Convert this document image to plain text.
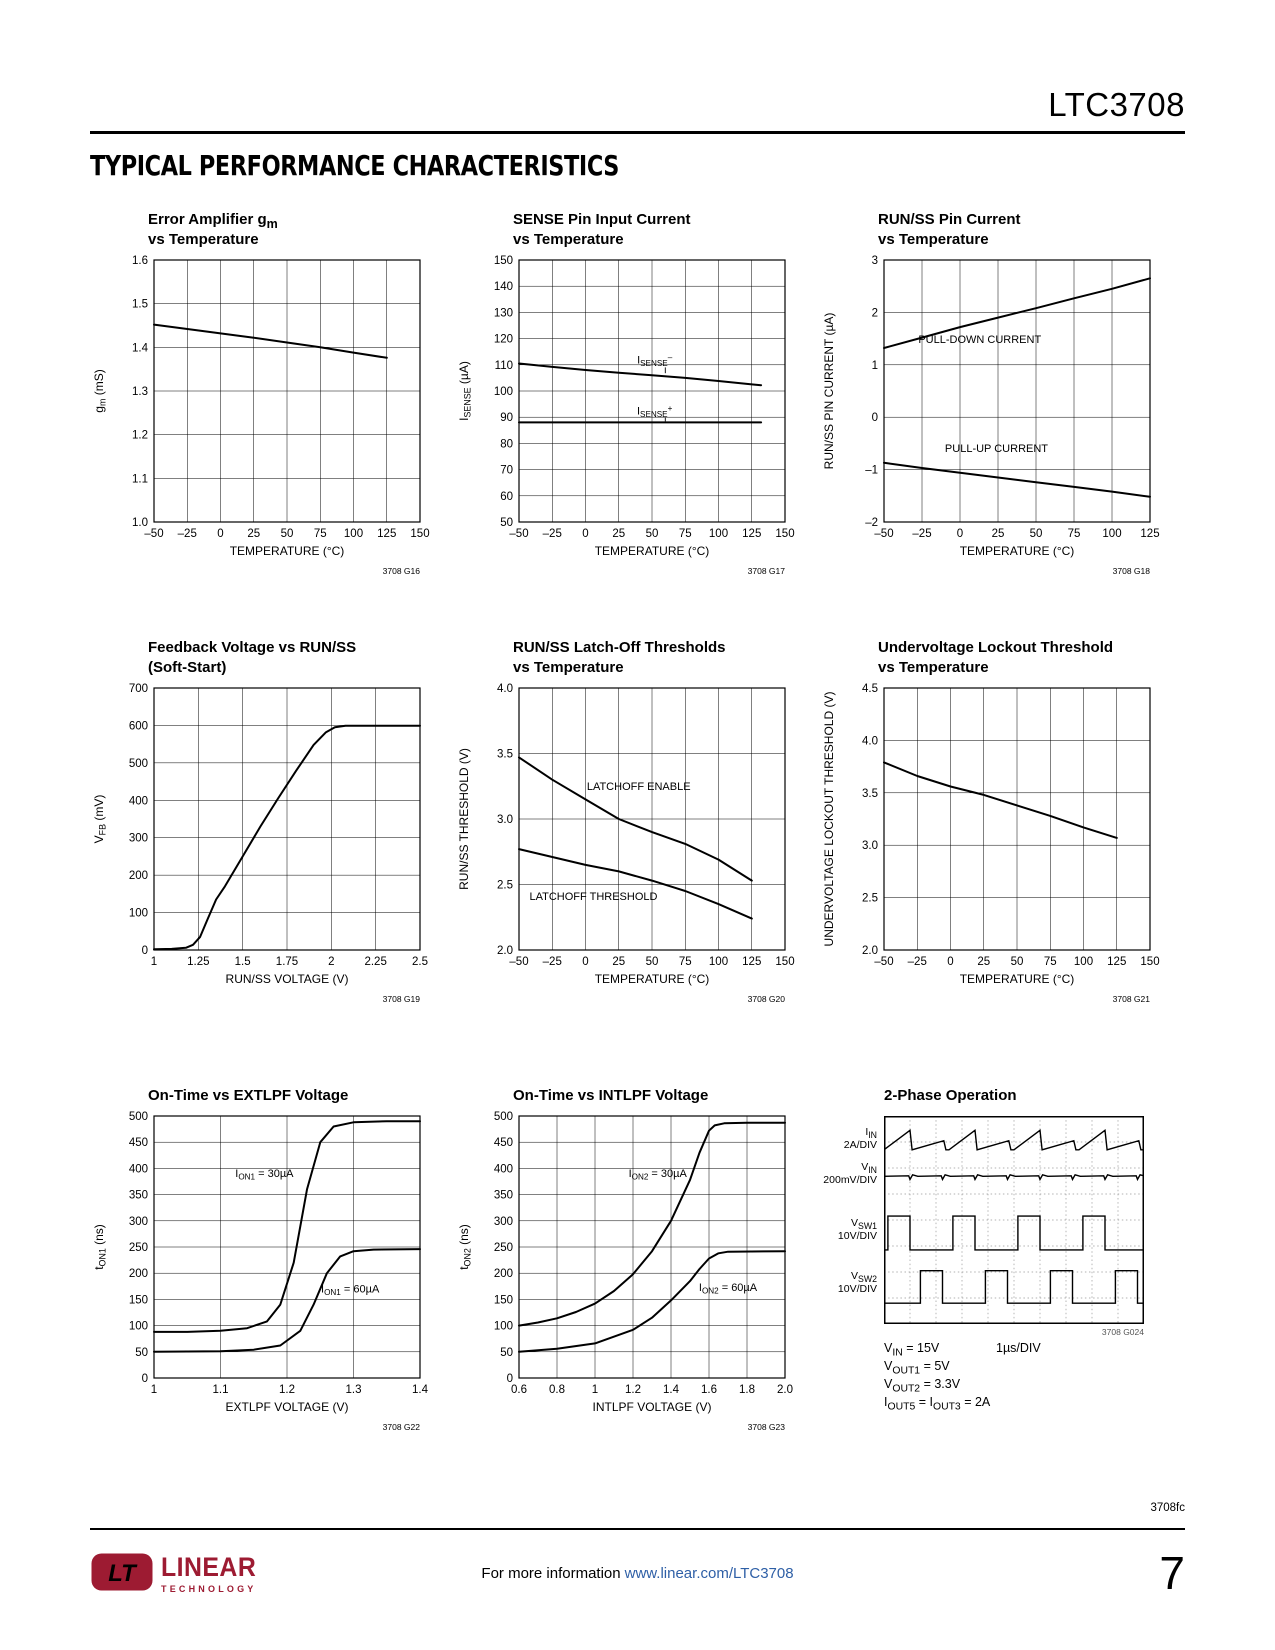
LTC3708
TYPICAL PERFORMANCE CHARACTERISTICS
Error Amplifier $g_m$
vs Temperature
–50 –25 0 25 50 75 100 125 150
1.0
1.1
1.2
1.3
1.4
1.5
1.6
TEMPERATURE (°C)
$g_m$ (mS)
3708 G16
SENSE Pin Input Current
vs Temperature
–50 –25 0 25 50 75 100 125 150
50
60
70
80
90
100
110
120
130
140
150
$I_{SENSE}^-$
$I_{SENSE}^+$
TEMPERATURE (°C)
$I_{SENSE}$ (µA)
3708 G17
RUN/SS Pin Current
vs Temperature
–50 –25 0 25 50 75 100 125
–2
–1
0
1
2
3
PULL-DOWN CURRENT
PULL-UP CURRENT
TEMPERATURE (°C)
RUN/SS PIN CURRENT (µA)
3708 G18
Feedback Voltage vs RUN/SS
(Soft-Start)
1	1.25 1.5 1.75	2	2.25 2.5
0
100
200
300
400
500
600
700
RUN/SS VOLTAGE (V)
$V_{FB}$ (mV)
3708 G19
RUN/SS Latch-Off Thresholds
vs Temperature
–50 –25 0 25 50 75 100 125 150
2.0
2.5
3.0
3.5
4.0
LATCHOFF ENABLE
LATCHOFF THRESHOLD
TEMPERATURE (°C)
RUN/SS THRESHOLD (V)
3708 G20
Undervoltage Lockout Threshold
vs Temperature
–50 –25 0 25 50 75 100 125 150
2.0
2.5
3.0
3.5
4.0
4.5
TEMPERATURE (°C)
UNDERVOLTAGE LOCKOUT THRESHOLD (V)
3708 G21
On-Time vs EXTLPF Voltage
1	1.1	1.2	1.3	1.4
0
50
100
150
200
250
300
350
400
450
500
$I_{ON1} = 30\mu A$
$I_{ON1} = 60\mu A$
EXTLPF VOLTAGE (V)
$t_{ON1}$ (ns)
3708 G22
On-Time vs INTLPF Voltage
0.6 0.8 1 1.2 1.4 1.6 1.8 2.0
0
50
100
150
200
250
300
350
400
450
500
$I_{ON2} = 30\mu A$
$I_{ON2} = 60\mu A$
INTLPF VOLTAGE (V)
$t_{ON2}$ (ns)
3708 G23
2-Phase Operation
$I_{IN}$
2A/DIV
$V_{IN}$
200mV/DIV
$V_{SW1}$
10V/DIV
$V_{SW2}$
10V/DIV
3708 G024
$V_{IN} = 15V$	1µs/DIV
$V_{OUT1} = 5V$
$V_{OUT2} = 3.3V$
$I_{OUT5} = I_{OUT3} = 2A$
3708fc
LT LINEAR
TECHNOLOGY
For more information www.linear.com/LTC3708	7
